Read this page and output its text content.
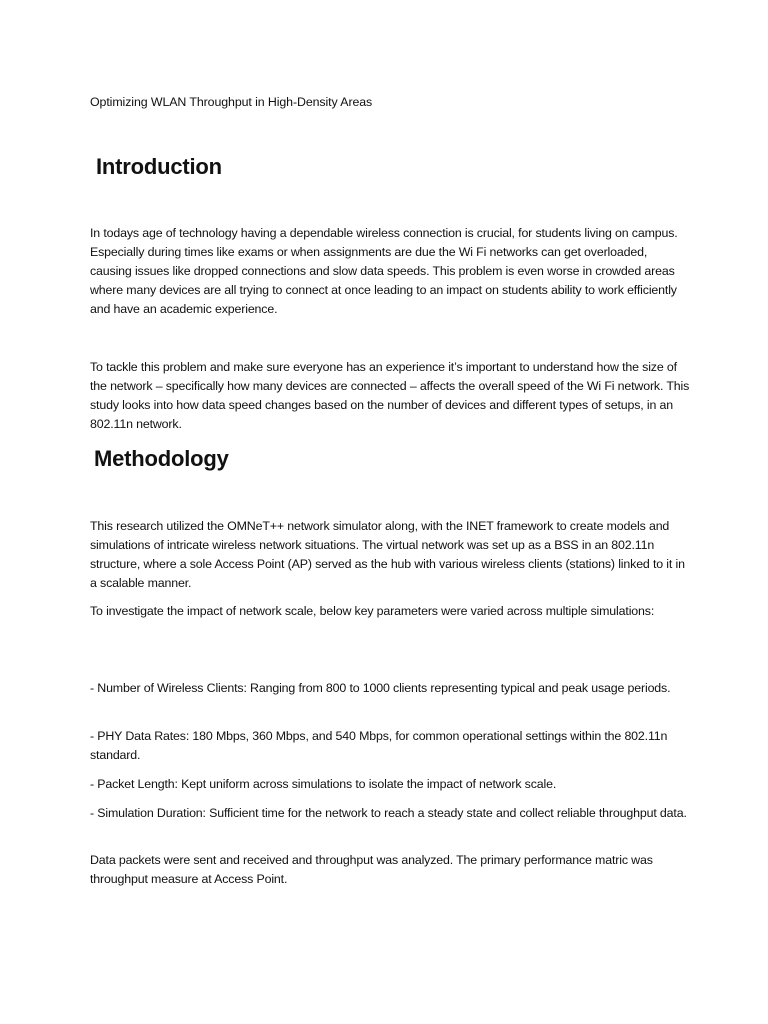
Optimizing WLAN Throughput in High-Density Areas
Introduction

In todays age of technology having a dependable wireless connection is crucial, for students living on campus. Especially during times like exams or when assignments are due the Wi Fi networks can get overloaded, causing issues like dropped connections and slow data speeds. This problem is even worse in crowded areas where many devices are all trying to connect at once leading to an impact on students ability to work efficiently and have an academic experience.

To tackle this problem and make sure everyone has an experience it’s important to understand how the size of the network – specifically how many devices are connected – affects the overall speed of the Wi Fi network. This study looks into how data speed changes based on the number of devices and different types of setups, in an 802.11n network.

Methodology

This research utilized the OMNeT++ network simulator along, with the INET framework to create models and simulations of intricate wireless network situations. The virtual network was set up as a BSS in an 802.11n structure, where a sole Access Point (AP) served as the hub with various wireless clients (stations) linked to it in a scalable manner.

To investigate the impact of network scale, below key parameters were varied across multiple simulations:

- Number of Wireless Clients: Ranging from 800 to 1000 clients representing typical and peak usage periods.

- PHY Data Rates: 180 Mbps, 360 Mbps, and 540 Mbps, for common operational settings within the 802.11n standard.

- Packet Length: Kept uniform across simulations to isolate the impact of network scale.

- Simulation Duration: Sufficient time for the network to reach a steady state and collect reliable throughput data.

Data packets were sent and received and throughput was analyzed. The primary performance matric was throughput measure at Access Point.
